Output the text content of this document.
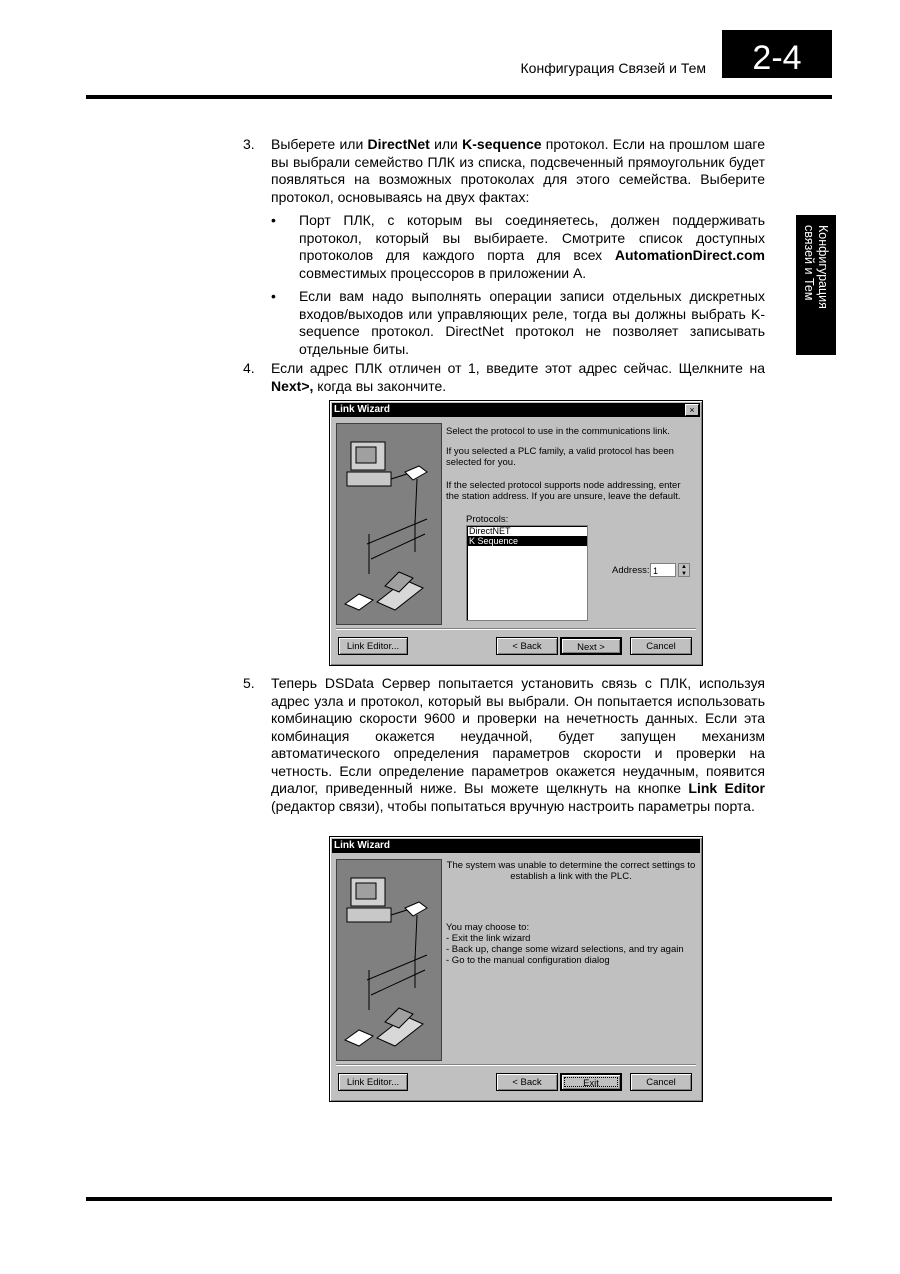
Конфигурация Связей и Тем	2-4
Конфигурация
связей и Тем
3. Выберете или DirectNet или K-sequence протокол. Если на прошлом шаге вы выбрали семейство ПЛК из списка, подсвеченный прямоугольник будет появляться на возможных протоколах для этого семейства. Выберите протокол, основываясь на двух фактах:
• Порт ПЛК, с которым вы соединяетесь, должен поддерживать протокол, который вы выбираете. Смотрите список доступных протоколов для каждого порта для всех AutomationDirect.com совместимых процессоров в приложении А.
• Если вам надо выполнять операции записи отдельных дискретных входов/выходов или управляющих реле, тогда вы должны выбрать K-sequence протокол. DirectNet протокол не позволяет записывать отдельные биты.
4. Если адрес ПЛК отличен от 1, введите этот адрес сейчас. Щелкните на Next>, когда вы закончите.
Link Wizard	×
Select the protocol to use in the communications link.
If you selected a PLC family, a valid protocol has been selected for you.
If the selected protocol supports node addressing, enter the station address. If you are unsure, leave the default.
Protocols:
DirectNET
K Sequence
Address: 1	▲
▼
Link Editor...	< Back	Next >	Cancel
5. Теперь DSData Сервер попытается установить связь с ПЛК, используя адрес узла и протокол, который вы выбрали. Он попытается использовать комбинацию скорости 9600 и проверки на нечетность данных. Если эта комбинация окажется неудачной, будет запущен механизм автоматического определения параметров скорости и проверки на четность. Если определение параметров окажется неудачным, появится диалог, приведенный ниже. Вы можете щелкнуть на кнопке Link Editor (редактор связи), чтобы попытаться вручную настроить параметры порта.
Link Wizard
The system was unable to determine the correct settings to establish a link with the PLC.
You may choose to:
- Exit the link wizard
- Back up, change some wizard selections, and try again
- Go to the manual configuration dialog
Link Editor...	< Back	Exit	Cancel
